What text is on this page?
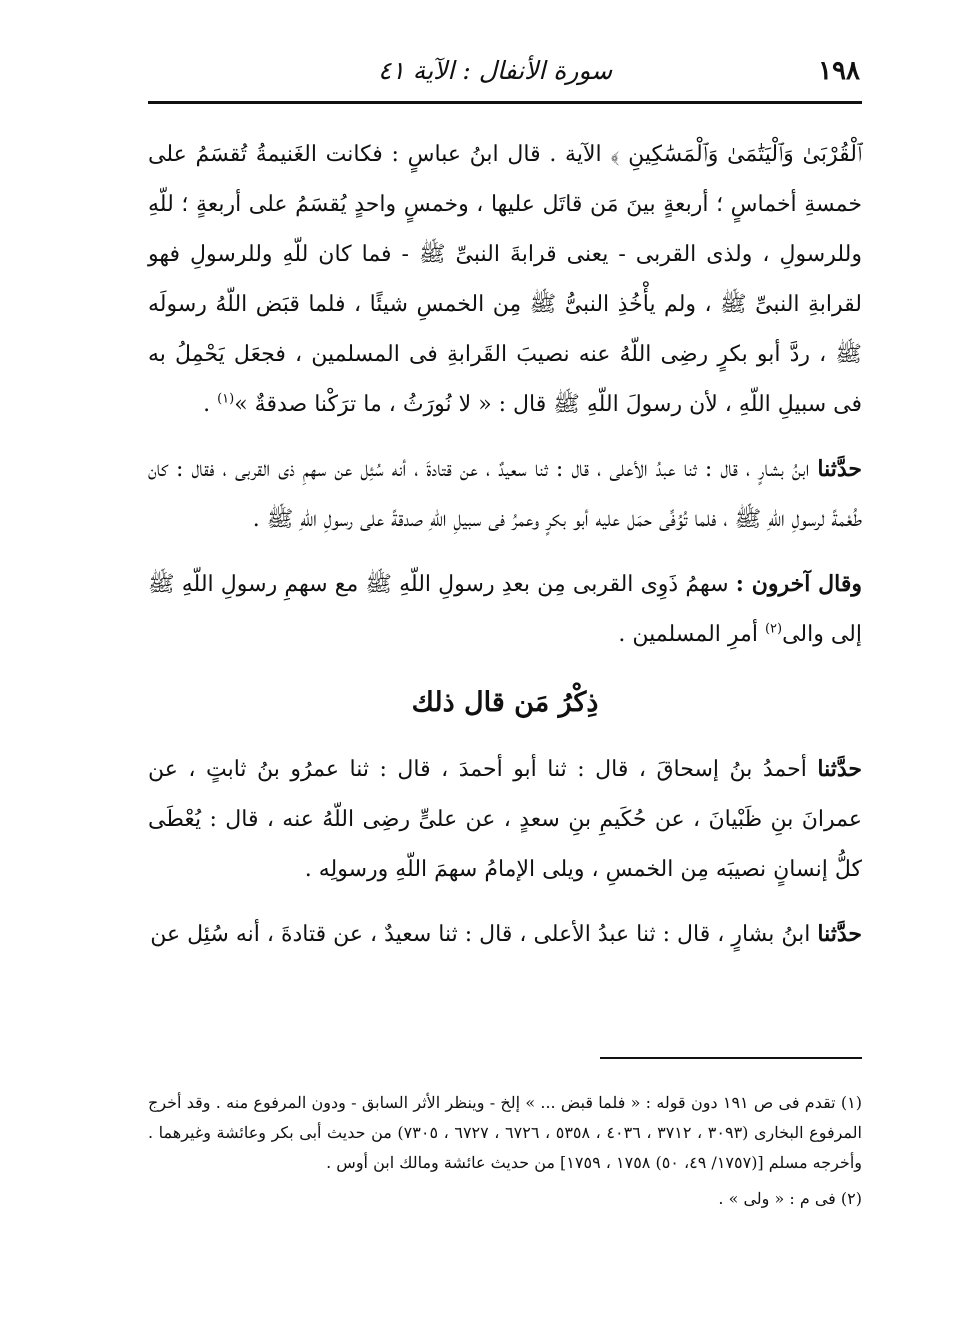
١٩٨
سورة الأنفال : الآية ٤١

ﭐﻟْﻘُﺮْﺑَﻰٰ وَﭐﻟْﻴَﺘَٰﻤَﻰٰ وَﭐﻟْﻤَﺴَٰﻜِﻴﻦِ ﴾ الآية . قال ابنُ عباسٍ : فكانت الغَنيمةُ تُقسَمُ على خمسةِ أخماسٍ ؛ أربعةٍ بينَ مَن قاتَل عليها ، وخمسٍ واحدٍ يُقسَمُ على أربعةٍ ؛ للّهِ وللرسولِ ، ولذى القربى - يعنى قرابةَ النبىِّ ﷺ - فما كان للّهِ وللرسولِ فهو لقرابةِ النبىِّ ﷺ ، ولم يأْخُذِ النبىُّ ﷺ مِن الخمسِ شيئًا ، فلما قبَض اللّهُ رسولَه ﷺ ، ردَّ أبو بكرٍ رضِى اللّهُ عنه نصيبَ القَرابةِ فى المسلمين ، فجعَل يَحْمِلُ به فى سبيلِ اللّهِ ، لأن رسولَ اللّهِ ﷺ قال : « لا نُورَثُ ، ما ترَكْنا صدقةٌ »$^{(١)}$ .

حدَّثنا ابنُ بشارٍ ، قال : ثنا عبدُ الأعلى ، قال : ثنا سعيدٌ ، عن قتادةَ ، أنه سُئِل عن سهمِ ذى القربى ، فقال : كان طُعْمةً لرسولِ اللّهِ ﷺ ، فلما تُوُفِّى حمَل عليه أبو بكرٍ وعمرُ فى سبيلِ اللّهِ صدقةً على رسولِ اللّهِ ﷺ .

وقال آخرون : سهمُ ذَوِى القربى مِن بعدِ رسولِ اللّهِ ﷺ مع سهمِ رسولِ اللّهِ ﷺ إلى والى$^{(٢)}$ أمرِ المسلمين .

ذِكْرُ مَن قال ذلك

حدَّثنا أحمدُ بنُ إسحاقَ ، قال : ثنا أبو أحمدَ ، قال : ثنا عمرُو بنُ ثابتٍ ، عن عمرانَ بنِ ظَبْيانَ ، عن حُكَيمِ بنِ سعدٍ ، عن علىٍّ رضِى اللّهُ عنه ، قال : يُعْطَى كلُّ إنسانٍ نصيبَه مِن الخمسِ ، ويلى الإمامُ سهمَ اللّهِ ورسولِه .

حدَّثنا ابنُ بشارٍ ، قال : ثنا عبدُ الأعلى ، قال : ثنا سعيدٌ ، عن قتادةَ ، أنه سُئِل عن

(١) تقدم فى ص ١٩١ دون قوله : « فلما قبض ... » إلخ - وينظر الأثر السابق - ودون المرفوع منه . وقد أخرج المرفوع البخارى (٣٠٩٣ ، ٣٧١٢ ، ٤٠٣٦ ، ٥٣٥٨ ، ٦٧٢٦ ، ٦٧٢٧ ، ٧٣٠٥) من حديث أبى بكر وعائشة وغيرهما . وأخرجه مسلم [(١٧٥٧/ ٤٩، ٥٠) ١٧٥٨ ، ١٧٥٩] من حديث عائشة ومالك ابن أوس .

(٢) فى م : « ولى » .
